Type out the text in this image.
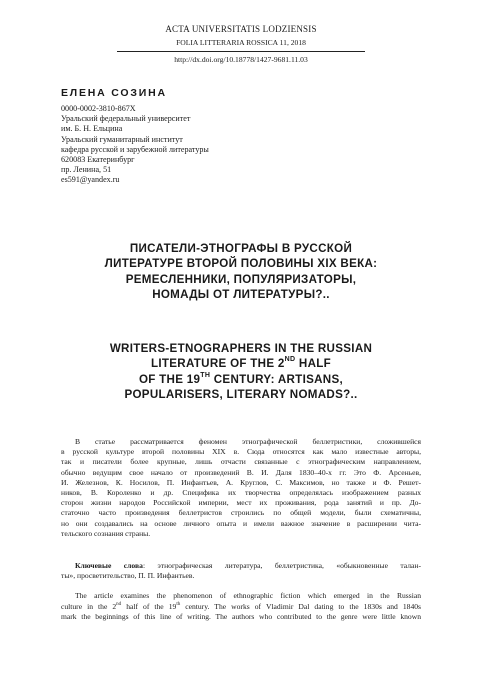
ACTA UNIVERSITATIS LODZIENSIS
FOLIA LITTERARIA ROSSICA 11, 2018
http://dx.doi.org/10.18778/1427-9681.11.03
ЕЛЕНА СОЗИНА
0000-0002-3810-867X
Уральский федеральный университет
им. Б. Н. Ельцина
Уральский гуманитарный институт
кафедра русской и зарубежной литературы
620083 Екатеринбург
пр. Ленина, 51
es591@yandex.ru
ПИСАТЕЛИ-ЭТНОГРАФЫ В РУССКОЙ
ЛИТЕРАТУРЕ ВТОРОЙ ПОЛОВИНЫ XIX ВЕКА:
РЕМЕСЛЕННИКИ, ПОПУЛЯРИЗАТОРЫ,
НОМАДЫ ОТ ЛИТЕРАТУРЫ?..
WRITERS-ETNOGRAPHERS IN THE RUSSIAN
LITERATURE OF THE 2ND HALF
OF THE 19TH CENTURY: ARTISANS,
POPULARISERS, LITERARY NOMADS?..
В статье рассматривается феномен этнографической беллетристики, сложившейся
в русской культуре второй половины XIX в. Сюда относятся как мало известные авторы,
так и писатели более крупные, лишь отчасти связанные с этнографическим направлением,
обычно ведущим свое начало от произведений В. И. Даля 1830–40-х гг. Это Ф. Арсеньев,
И. Железнов, К. Носилов, П. Инфантьев, А. Круглов, С. Максимов, но также и Ф. Решет-
ников, В. Короленко и др. Спецификa их творчества определялась изображением разных
сторон жизни народов Российской империи, мест их проживания, рода занятий и пр. До-
статочно часто произведения беллетристов строились по общей модели, были схематичны,
но они создавались на основе личного опыта и имели важное значение в расширении чита-
тельского сознания страны.
Ключевые слова: этнографическая литература, беллетристика, «обыкновенные талан-
ты», просветительство, П. П. Инфантьев.
The article examines the phenomenon of ethnographic fiction which emerged in the Russian
culture in the 2nd half of the 19th century. The works of Vladimir Dal dating to the 1830s and 1840s
mark the beginnings of this line of writing. The authors who contributed to the genre were little known
